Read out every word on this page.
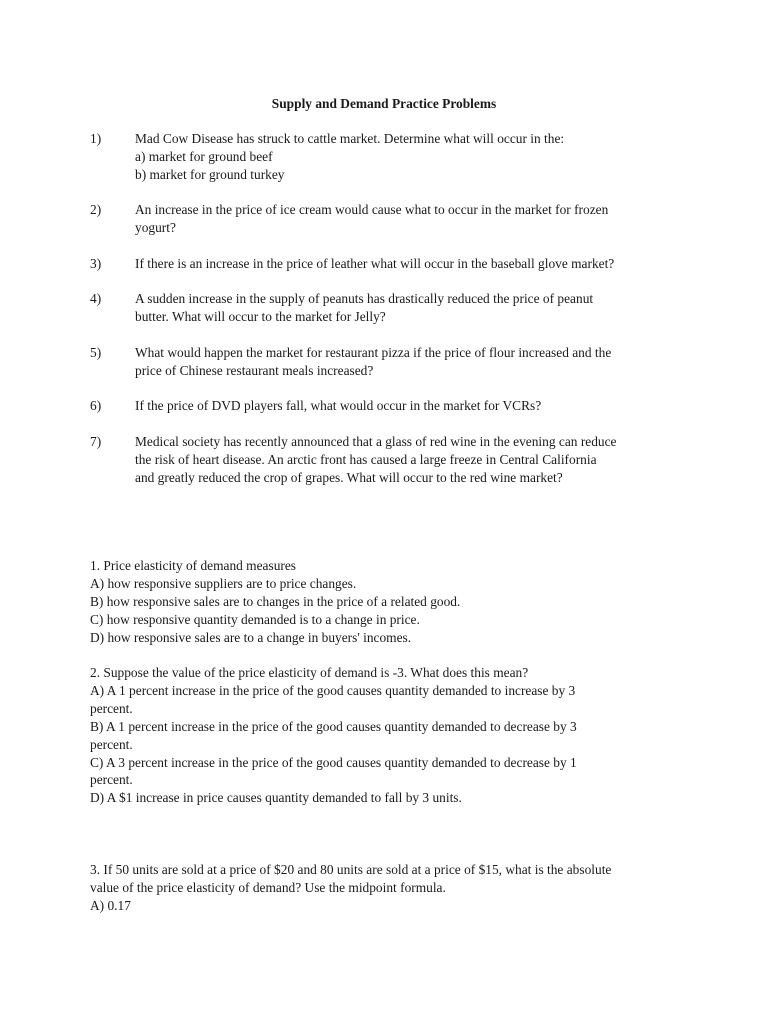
Supply and Demand Practice Problems
1)	Mad Cow Disease has struck to cattle market. Determine what will occur in the:
a) market for ground beef
b) market for ground turkey
2)	An increase in the price of ice cream would cause what to occur in the market for frozen
yogurt?
3)	If there is an increase in the price of leather what will occur in the baseball glove market?
4)	A sudden increase in the supply of peanuts has drastically reduced the price of peanut
butter. What will occur to the market for Jelly?
5)	What would happen the market for restaurant pizza if the price of flour increased and the
price of Chinese restaurant meals increased?
6)	If the price of DVD players fall, what would occur in the market for VCRs?
7)	Medical society has recently announced that a glass of red wine in the evening can reduce
the risk of heart disease. An arctic front has caused a large freeze in Central California
and greatly reduced the crop of grapes. What will occur to the red wine market?
1. Price elasticity of demand measures
A) how responsive suppliers are to price changes.
B) how responsive sales are to changes in the price of a related good.
C) how responsive quantity demanded is to a change in price.
D) how responsive sales are to a change in buyers' incomes.
2. Suppose the value of the price elasticity of demand is -3. What does this mean?
A) A 1 percent increase in the price of the good causes quantity demanded to increase by 3
percent.
B) A 1 percent increase in the price of the good causes quantity demanded to decrease by 3
percent.
C) A 3 percent increase in the price of the good causes quantity demanded to decrease by 1
percent.
D) A $1 increase in price causes quantity demanded to fall by 3 units.
3. If 50 units are sold at a price of $20 and 80 units are sold at a price of $15, what is the absolute
value of the price elasticity of demand? Use the midpoint formula.
A) 0.17
